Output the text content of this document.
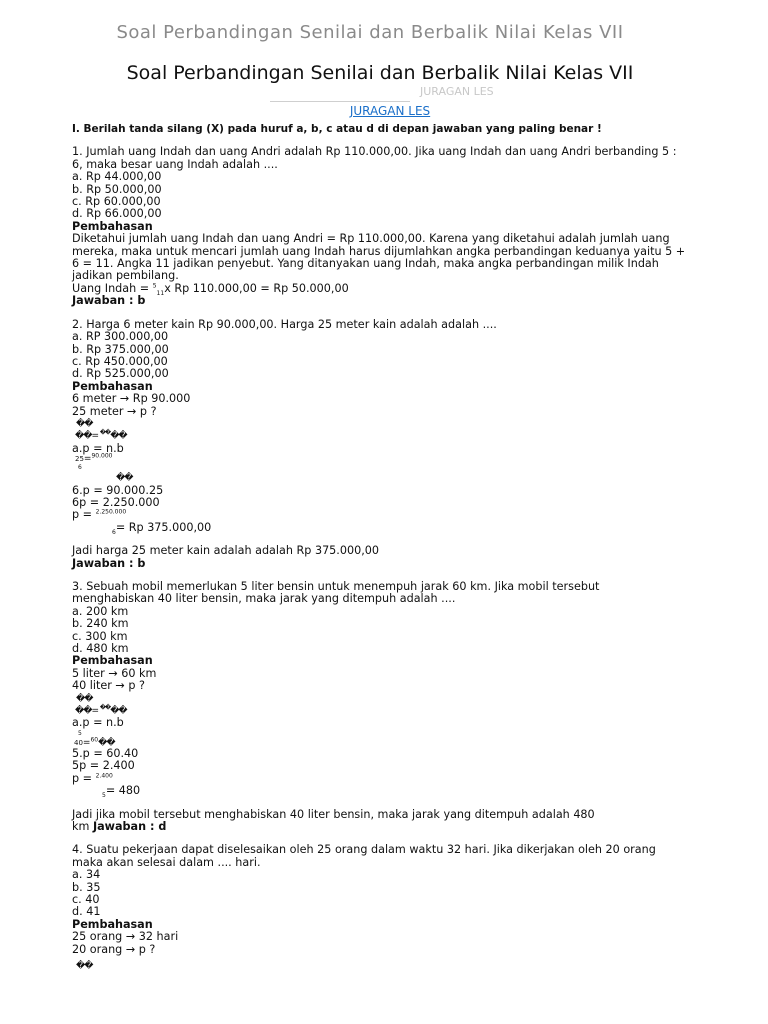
Soal Perbandingan Senilai dan Berbalik Nilai Kelas VII
Soal Perbandingan Senilai dan Berbalik Nilai Kelas VII
JURAGAN LES
JURAGAN LES
I. Berilah tanda silang (X) pada huruf a, b, c atau d di depan jawaban yang paling benar !
1. Jumlah uang Indah dan uang Andri adalah Rp 110.000,00. Jika uang Indah dan uang Andri berbanding 5 :
6, maka besar uang Indah adalah ....
a. Rp 44.000,00
b. Rp 50.000,00
c. Rp 60.000,00
d. Rp 66.000,00
Pembahasan
Diketahui jumlah uang Indah dan uang Andri = Rp 110.000,00. Karena yang diketahui adalah jumlah uang
mereka, maka untuk mencari jumlah uang Indah harus dijumlahkan angka perbandingan keduanya yaitu 5 +
6 = 11. Angka 11 jadikan penyebut. Yang ditanyakan uang Indah, maka angka perbandingan milik Indah
jadikan pembilang.
Uang Indah = $^5_{11}$x Rp 110.000,00 = Rp 50.000,00
Jawaban : b
2. Harga 6 meter kain Rp 90.000,00. Harga 25 meter kain adalah adalah ....
a. RP 300.000,00
b. Rp 375.000,00
c. Rp 450.000,00
d. Rp 525.000,00
Pembahasan
6 meter → Rp 90.000
25 meter → p ?
��
��= ����
a.p = n.b
25=$^{90.000}$
6
��
6.p = 90.000.25
6p = 2.250.000
p = $^{2.250.000}$
$_6$= Rp 375.000,00
Jadi harga 25 meter kain adalah adalah Rp 375.000,00
Jawaban : b
3. Sebuah mobil memerlukan 5 liter bensin untuk menempuh jarak 60 km. Jika mobil tersebut
menghabiskan 40 liter bensin, maka jarak yang ditempuh adalah ....
a. 200 km
b. 240 km
c. 300 km
d. 480 km
Pembahasan
5 liter → 60 km
40 liter → p ?
��
��= ����
a.p = n.b
5
40=$^{60}$��
5.p = 60.40
5p = 2.400
p = $^{2.400}$
$_5$= 480
Jadi jika mobil tersebut menghabiskan 40 liter bensin, maka jarak yang ditempuh adalah 480
km Jawaban : d
4. Suatu pekerjaan dapat diselesaikan oleh 25 orang dalam waktu 32 hari. Jika dikerjakan oleh 20 orang
maka akan selesai dalam .... hari.
a. 34
b. 35
c. 40
d. 41
Pembahasan
25 orang → 32 hari
20 orang → p ?
��
